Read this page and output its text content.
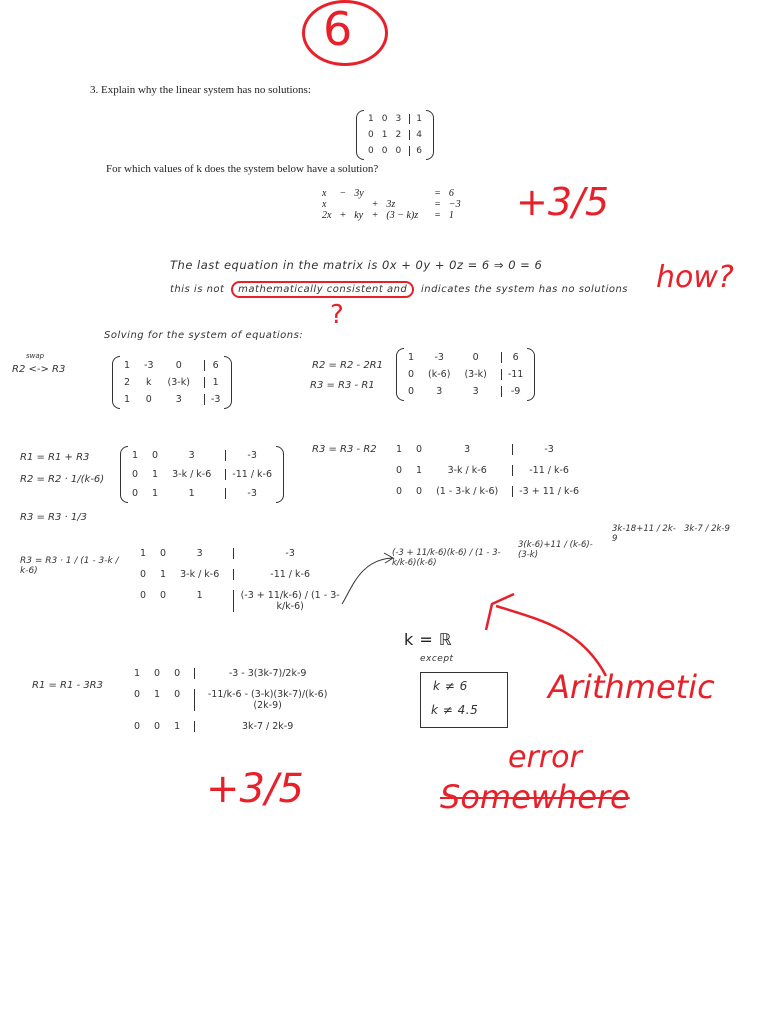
6
3. Explain why the linear system has no solutions:
1 0 3	1
0 1 2	4
0 0 0	6
For which values of k does the system below have a solution?
x	−	3y				=	6
x			+	3z		=	−3
2x	+	ky	+	(3 − k)z		=	1 +3/5
The last equation in the matrix is 0x + 0y + 0z = 6 ⇒ 0 = 6
this is not mathematically consistent and indicates the system has no solutions how?
?
Solving for the system of equations:
swap
R2 <-> R3	1 -3	0	6
2 k (3-k)	1
1 0	3	-3
R2 = R2 - 2R1
R3 = R3 - R1
1	-3	0	6
0 (k-6) (3-k)	-11
0	3	3	-9
R1 = R1 + R3
R2 = R2 · 1/(k-6)
R3 = R3 · 1/3
1 0	3	-3
0 1 3-k / k-6	-11 / k-6
0 1	1	-3
R3 = R3 - R2 1 0	3	-3
0 1	3-k / k-6	-11 / k-6
0 0 (1 - 3-k / k-6)	-3 + 11 / k-6
R3 = R3 · 1 / (1 - 3-k / k-6)
1 0	3	-3
0 1 3-k / k-6	-11 / k-6
0 0	1	(-3 + 11/k-6) / (1 - 3-k/k-6)
(-3 + 11/k-6)(k-6) / (1 - 3-k/k-6)(k-6)
3(k-6)+11 / (k-6)-(3-k)
3k-18+11 / 2k-9
3k-7 / 2k-9
k = ℝ
except
k ≠ 6
k ≠ 4.5
R1 = R1 - 3R3
1 0 0	-3 - 3(3k-7)/2k-9
0 1 0	-11/k-6 - (3-k)(3k-7)/(k-6)(2k-9)
0 0 1	3k-7 / 2k-9
Arithmetic
error
Somewhere
+3/5
